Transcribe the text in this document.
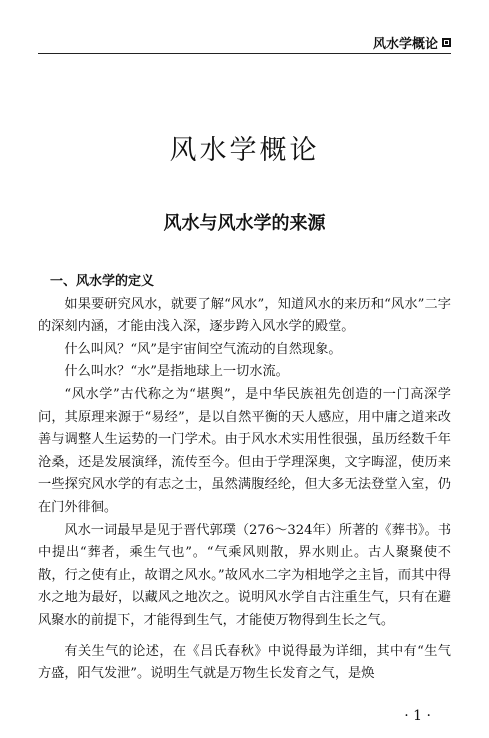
风水学概论
风水学概论
风水与风水学的来源

一、风水学的定义

如果要研究风水，就要了解“风水”，知道风水的来历和“风水”二字的深刻内涵，才能由浅入深，逐步跨入风水学的殿堂。

什么叫风？“风”是宇宙间空气流动的自然现象。

什么叫水？“水”是指地球上一切水流。

“风水学”古代称之为“堪舆”，是中华民族祖先创造的一门高深学问，其原理来源于“易经”，是以自然平衡的天人感应，用中庸之道来改善与调整人生运势的一门学术。由于风水术实用性很强，虽历经数千年沧桑，还是发展演绎，流传至今。但由于学理深奥，文字晦涩，使历来一些探究风水学的有志之士，虽然满腹经纶，但大多无法登堂入室，仍在门外徘徊。

风水一词最早是见于晋代郭璞（276～324年）所著的《葬书》。书中提出“葬者，乘生气也”。“气乘风则散，界水则止。古人聚聚使不散，行之使有止，故谓之风水。”故风水二字为相地学之主旨，而其中得水之地为最好，以藏风之地次之。说明风水学自古注重生气，只有在避风聚水的前提下，才能得到生气，才能使万物得到生长之气。

有关生气的论述，在《吕氏春秋》中说得最为详细，其中有“生气方盛，阳气发泄”。说明生气就是万物生长发育之气，是焕

· 1 ·
